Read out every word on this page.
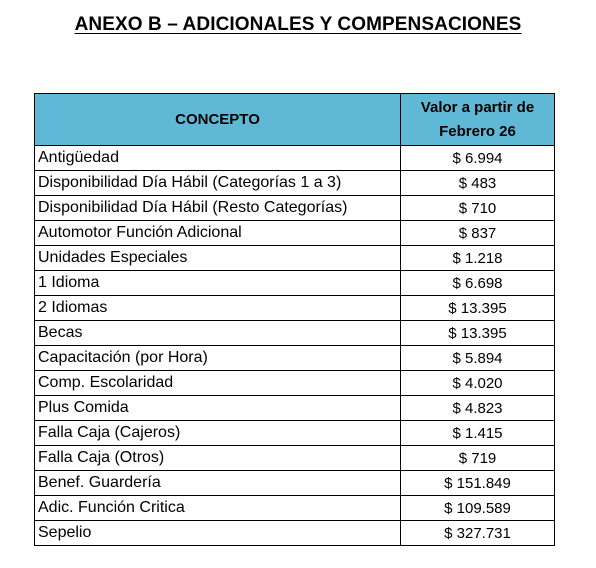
ANEXO B – ADICIONALES Y COMPENSACIONES
CONCEPTO	Valor a partir de Febrero 26
Antigüedad	$ 6.994
Disponibilidad Día Hábil (Categorías 1 a 3)	$ 483
Disponibilidad Día Hábil (Resto Categorías)	$ 710
Automotor Función Adicional	$ 837
Unidades Especiales	$ 1.218
1 Idioma	$ 6.698
2 Idiomas	$ 13.395
Becas	$ 13.395
Capacitación (por Hora)	$ 5.894
Comp. Escolaridad	$ 4.020
Plus Comida	$ 4.823
Falla Caja (Cajeros)	$ 1.415
Falla Caja (Otros)	$ 719
Benef. Guardería	$ 151.849
Adic. Función Critica	$ 109.589
Sepelio	$ 327.731
